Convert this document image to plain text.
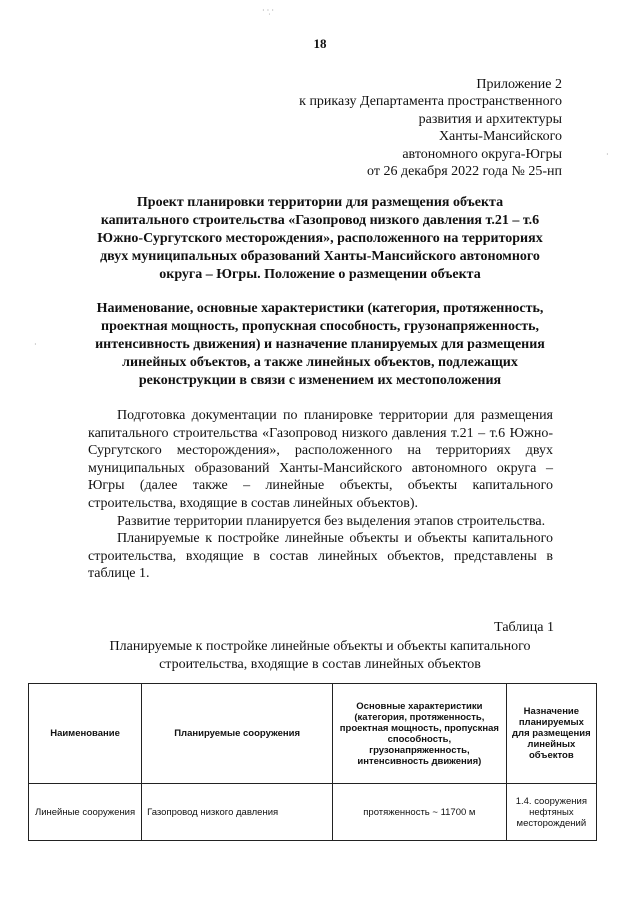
· ·̣ ·
·
·
18
Приложение 2
к приказу Департамента пространственного
развития и архитектуры
Ханты-Мансийского
автономного округа-Югры
от 26 декабря 2022 года № 25-нп
Проект планировки территории для размещения объекта
капитального строительства «Газопровод низкого давления т.21 – т.6
Южно-Сургутского месторождения», расположенного на территориях
двух муниципальных образований Ханты-Мансийского автономного
округа – Югры. Положение о размещении объекта
Наименование, основные характеристики (категория, протяженность,
проектная мощность, пропускная способность, грузонапряженность,
интенсивность движения) и назначение планируемых для размещения
линейных объектов, а также линейных объектов, подлежащих
реконструкции в связи с изменением их местоположения

Подготовка документации по планировке территории для размещения капитального строительства «Газопровод низкого давления т.21 – т.6 Южно-Сургутского месторождения», расположенного на территориях двух муниципальных образований Ханты-Мансийского автономного округа – Югры (далее также – линейные объекты, объекты капитального строительства, входящие в состав линейных объектов).

Развитие территории планируется без выделения этапов строительства.

Планируемые к постройке линейные объекты и объекты капитального строительства, входящие в состав линейных объектов, представлены в таблице 1.

Таблица 1
Планируемые к постройке линейные объекты и объекты капитального
строительства, входящие в состав линейных объектов
Наименование	Планируемые сооружения	Основные характеристики (категория, протяженность, проектная мощность, пропускная способность, грузонапряженность, интенсивность движения)	Назначение планируемых для размещения линейных объектов
Линейные сооружения	Газопровод низкого давления	протяженность ~ 11700 м	1.4. сооружения нефтяных месторождений
